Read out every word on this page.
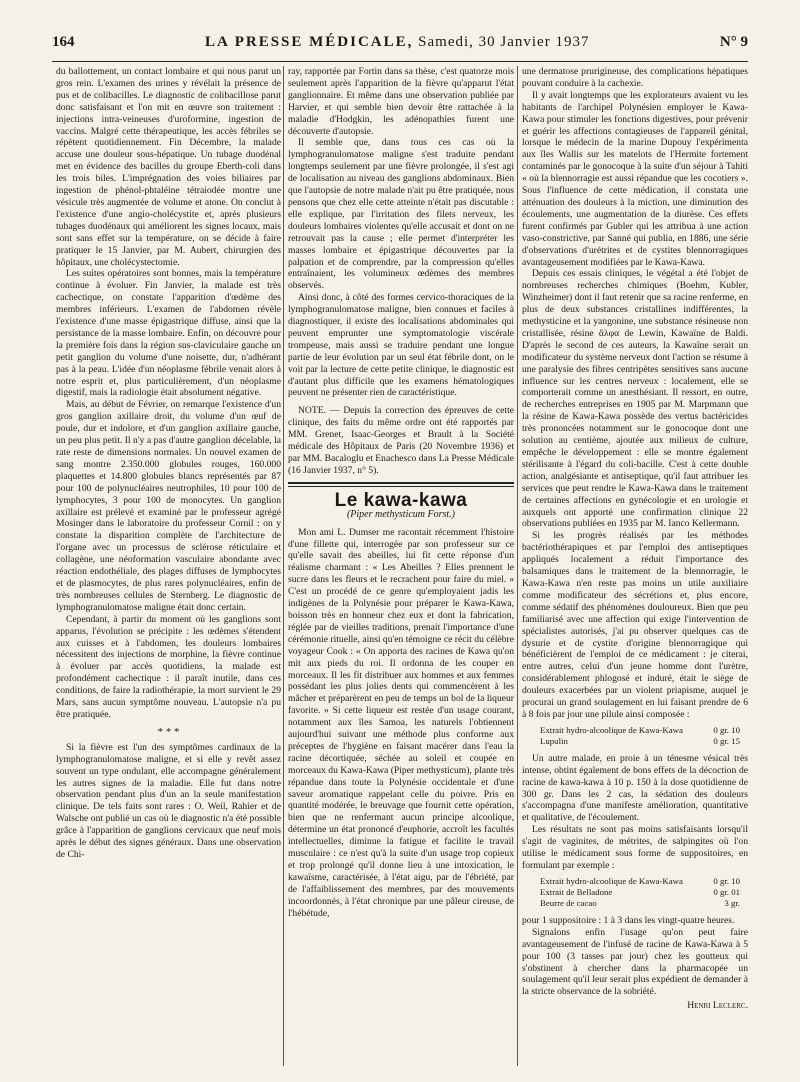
164	LA PRESSE MÉDICALE, Samedi, 30 Janvier 1937	N° 9

du ballottement, un contact lombaire et qui nous parut un gros rein. L'examen des urines y révélait la présence de pus et de colibacilles. Le diagnostic de colibacillose parut donc satisfaisant et l'on mit en œuvre son traitement : injections intra-veineuses d'uroformine, ingestion de vaccins. Malgré cette thérapeutique, les accès fébriles se répètent quotidiennement. Fin Décembre, la malade accuse une douleur sous-hépatique. Un tubage duodénal met en évidence des bacilles du groupe Eberth-coli dans les trois biles. L'imprégnation des voies biliaires par ingestion de phénol-phtaléine tétraiodée montre une vésicule très augmentée de volume et atone. On conclut à l'existence d'une angio-cholécystite et, après plusieurs tubages duodénaux qui améliorent les signes locaux, mais sont sans effet sur la température, on se décide à faire pratiquer le 15 Janvier, par M. Aubert, chirurgien des hôpitaux, une cholécystectomie.

Les suites opératoires sont bonnes, mais la température continue à évoluer. Fin Janvier, la malade est très cachectique, on constate l'apparition d'œdème des membres inférieurs. L'examen de l'abdomen révèle l'existence d'une masse épigastrique diffuse, ainsi que la persistance de la masse lombaire. Enfin, on découvre pour la première fois dans la région sus-claviculaire gauche un petit ganglion du volume d'une noisette, dur, n'adhérant pas à la peau. L'idée d'un néoplasme fébrile venait alors à notre esprit et, plus particulièrement, d'un néoplasme digestif, mais la radiologie était absolument négative.

Mais, au début de Février, on remarque l'existence d'un gros ganglion axillaire droit, du volume d'un œuf de poule, dur et indolore, et d'un ganglion axillaire gauche, un peu plus petit. Il n'y a pas d'autre ganglion décelable, la rate reste de dimensions normales. Un nouvel examen de sang montre 2.350.000 globules rouges, 160.000 plaquettes et 14.800 globules blancs représentés par 87 pour 100 de polynucléaires neutrophiles, 10 pour 100 de lymphocytes, 3 pour 100 de monocytes. Un ganglion axillaire est prélevé et examiné par le professeur agrégé Mosinger dans le laboratoire du professeur Cornil : on y constate la disparition complète de l'architecture de l'organe avec un processus de sclérose réticulaire et collagène, une néoformation vasculaire abondante avec réaction endothéliale, des plages diffuses de lymphocytes et de plasmocytes, de plus rares polynucléaires, enfin de très nombreuses cellules de Sternberg. Le diagnostic de lymphogranulomatose maligne était donc certain.

Cependant, à partir du moment où les ganglions sont apparus, l'évolution se précipite : les œdèmes s'étendent aux cuisses et à l'abdomen, les douleurs lombaires nécessitent des injections de morphine, la fièvre continue à évoluer par accès quotidiens, la malade est profondément cachectique : il paraît inutile, dans ces conditions, de faire la radiothérapie, la mort survient le 29 Mars, sans aucun symptôme nouveau. L'autopsie n'a pu être pratiquée.

* * *

Si la fièvre est l'un des symptômes cardinaux de la lymphogranulomatose maligne, et si elle y revêt assez souvent un type ondulant, elle accompagne généralement les autres signes de la maladie. Elle fut dans notre observation pendant plus d'un an la seule manifestation clinique. De tels faits sont rares : O. Weil, Rahier et de Walsche ont publié un cas où le diagnostic n'a été possible grâce à l'apparition de ganglions cervicaux que neuf mois après le début des signes généraux. Dans une observation de Chi-

ray, rapportée par Fortin dans sa thèse, c'est quatorze mois seulement après l'apparition de la fièvre qu'apparut l'état ganglionnaire. Et même dans une observation publiée par Harvier, et qui semble bien devoir être rattachée à la maladie d'Hodgkin, les adénopathies furent une découverte d'autopsie.

Il semble que, dans tous ces cas où la lymphogranulomatose maligne s'est traduite pendant longtemps seulement par une fièvre prolongée, il s'est agi de localisation au niveau des ganglions abdominaux. Bien que l'autopsie de notre malade n'ait pu être pratiquée, nous pensons que chez elle cette atteinte n'était pas discutable : elle explique, par l'irritation des filets nerveux, les douleurs lombaires violentes qu'elle accusait et dont on ne retrouvait pas la cause ; elle permet d'interpréter les masses lombaire et épigastrique découvertes par la palpation et de comprendre, par la compression qu'elles entraînaient, les volumineux œdèmes des membres observés.

Ainsi donc, à côté des formes cervico-thoraciques de la lymphogranulomatose maligne, bien connues et faciles à diagnostiquer, il existe des localisations abdominales qui peuvent emprunter une symptomatologie viscérale trompeuse, mais aussi se traduire pendant une longue partie de leur évolution par un seul état fébrile dont, on le voit par la lecture de cette petite clinique, le diagnostic est d'autant plus difficile que les examens hématologiques peuvent ne présenter rien de caractéristique.

NOTE. — Depuis la correction des épreuves de cette clinique, des faits du même ordre ont été rapportés par MM. Grenet, Isaac-Georges et Brault à la Société médicale des Hôpitaux de Paris (20 Novembre 1936) et par MM. Bacaloglu et Enachesco dans La Presse Médicale (16 Janvier 1937, n° 5).

Le kawa-kawa
(Piper methysticum Forst.)

Mon ami L. Dumser me racontait récemment l'histoire d'une fillette qui, interrogée par son professeur sur ce qu'elle savait des abeilles, lui fit cette réponse d'un réalisme charmant : « Les Abeilles ? Elles prennent le sucre dans les fleurs et le recrachent pour faire du miel. » C'est un procédé de ce genre qu'employaient jadis les indigènes de la Polynésie pour préparer le Kawa-Kawa, boisson très en honneur chez eux et dont la fabrication, réglée par de vieilles traditions, prenait l'importance d'une cérémonie rituelle, ainsi qu'en témoigne ce récit du célèbre voyageur Cook : « On apporta des racines de Kawa qu'on mit aux pieds du roi. Il ordonna de les couper en morceaux. Il les fit distribuer aux hommes et aux femmes possédant les plus jolies dents qui commencèrent à les mâcher et préparèrent en peu de temps un bol de la liqueur favorite. » Si cette liqueur est restée d'un usage courant, notamment aux îles Samoa, les naturels l'obtiennent aujourd'hui suivant une méthode plus conforme aux préceptes de l'hygiène en faisant macérer dans l'eau la racine décortiquée, séchée au soleil et coupée en morceaux du Kawa-Kawa (Piper methysticum), plante très répandue dans toute la Polynésie occidentale et d'une saveur aromatique rappelant celle du poivre. Pris en quantité modérée, le breuvage que fournit cette opération, bien que ne renfermant aucun principe alcoolique, détermine un état prononcé d'euphorie, accroît les facultés intellectuelles, diminue la fatigue et facilite le travail musculaire : ce n'est qu'à la suite d'un usage trop copieux et trop prolongé qu'il donne lieu à une intoxication, le kawaïsme, caractérisée, à l'état aigu, par de l'ébriété, par de l'affaiblissement des membres, par des mouvements incoordonnés, à l'état chronique par une pâleur cireuse, de l'hébétude,

une dermatose prurigineuse, des complications hépatiques pouvant conduire à la cachexie.

Il y avait longtemps que les explorateurs avaient vu les habitants de l'archipel Polynésien employer le Kawa-Kawa pour stimuler les fonctions digestives, pour prévenir et guérir les affections contagieuses de l'appareil génital, lorsque le médecin de la marine Dupouy l'expérimenta aux îles Wallis sur les matelots de l'Hermite fortement contaminés par le gonocoque à la suite d'un séjour à Tahiti « où la blennorragie est aussi répandue que les cocotiers ». Sous l'influence de cette médication, il constata une atténuation des douleurs à la miction, une diminution des écoulements, une augmentation de la diurèse. Ces effets furent confirmés par Gubler qui les attribua à une action vaso-constrictive, par Sanné qui publia, en 1886, une série d'observations d'urétrites et de cystites blennorragiques avantageusement modifiées par le Kawa-Kawa.

Depuis ces essais cliniques, le végétal a été l'objet de nombreuses recherches chimiques (Boehm, Kubler, Winzheimer) dont il faut retenir que sa racine renferme, en plus de deux substances cristallines indifférentes, la methysticine et la yangonine, une substance résineuse non cristallisée, résine ἄλφα de Lewin, Kawaïne de Baldi. D'après le second de ces auteurs, la Kawaïne serait un modificateur du système nerveux dont l'action se résume à une paralysie des fibres centripètes sensitives sans aucune influence sur les centres nerveux : localement, elle se comporterait comme un anesthésiant. Il ressort, en outre, de recherches entreprises en 1905 par M. Marpmann que la résine de Kawa-Kawa possède des vertus bactéricides très prononcées notamment sur le gonocoque dont une solution au centième, ajoutée aux milieux de culture, empêche le développement : elle se montre également stérilisante à l'égard du coli-bacille. C'est à cette double action, analgésiante et antiseptique, qu'il faut attribuer les services que peut rendre le Kawa-Kawa dans le traitement de certaines affections en gynécologie et en urologie et auxquels ont apporté une confirmation clinique 22 observations publiées en 1935 par M. Ianco Kellermann.

Si les progrès réalisés par les méthodes bactériothérapiques et par l'emploi des antiseptiques appliqués localement a réduit l'importance des balsamiques dans le traitement de la blennorragie, le Kawa-Kawa n'en reste pas moins un utile auxiliaire comme modificateur des sécrétions et, plus encore, comme sédatif des phénomènes douloureux. Bien que peu familiarisé avec une affection qui exige l'intervention de spécialistes autorisés, j'ai pu observer quelques cas de dysurie et de cystite d'origine blennorragique qui bénéficièrent de l'emploi de ce médicament : je citerai, entre autres, celui d'un jeune homme dont l'urètre, considérablement phlogosé et induré, était le siège de douleurs exacerbées par un violent priapisme, auquel je procurai un grand soulagement en lui faisant prendre de 6 à 8 fois par jour une pilule ainsi composée :

Extrait hydro-alcoolique de Kawa-Kawa	0 gr. 10
Lupulin	0 gr. 15

Un autre malade, en proie à un ténesme vésical très intense, obtint également de bons effets de la décoction de racine de kawa-kawa à 10 p. 150 à la dose quotidienne de 300 gr. Dans les 2 cas, la sédation des douleurs s'accompagna d'une manifeste amélioration, quantitative et qualitative, de l'écoulement.

Les résultats ne sont pas moins satisfaisants lorsqu'il s'agit de vaginites, de métrites, de salpingites où l'on utilise le médicament sous forme de suppositoires, en formulant par exemple :

Extrait hydro-alcoolique de Kawa-Kawa	0 gr. 10
Extrait de Belladone	0 gr. 01
Beurre de cacao	3 gr.

pour 1 suppositoire : 1 à 3 dans les vingt-quatre heures.

Signalons enfin l'usage qu'on peut faire avantageusement de l'infusé de racine de Kawa-Kawa à 5 pour 100 (3 tasses par jour) chez les goutteux qui s'obstinent à chercher dans la pharmacopée un soulagement qu'il leur serait plus expédient de demander à la stricte observance de la sobriété.

Henri Leclerc.
